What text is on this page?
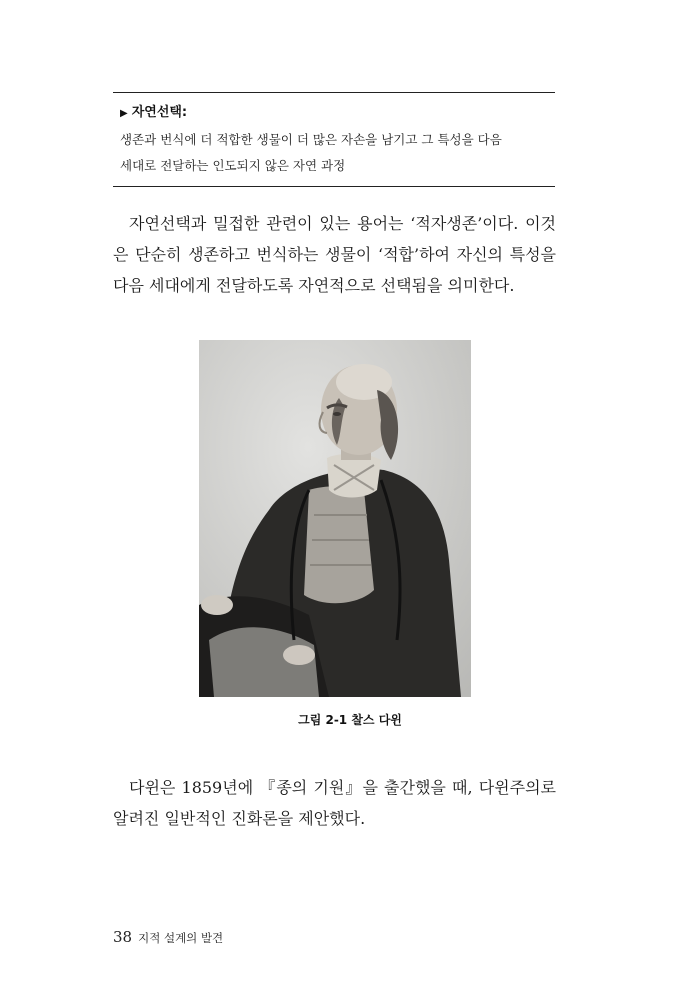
▶ 자연선택:
생존과 번식에 더 적합한 생물이 더 많은 자손을 남기고 그 특성을 다음
세대로 전달하는 인도되지 않은 자연 과정
자연선택과 밀접한 관련이 있는 용어는 ‘적자생존’이다. 이것은 단순히 생존하고 번식하는 생물이 ‘적합’하여 자신의 특성을 다음 세대에게 전달하도록 자연적으로 선택됨을 의미한다.
그림 2-1 찰스 다윈
다윈은 1859년에 『종의 기원』을 출간했을 때, 다윈주의로 알려진 일반적인 진화론을 제안했다.
38 지적 설계의 발견
